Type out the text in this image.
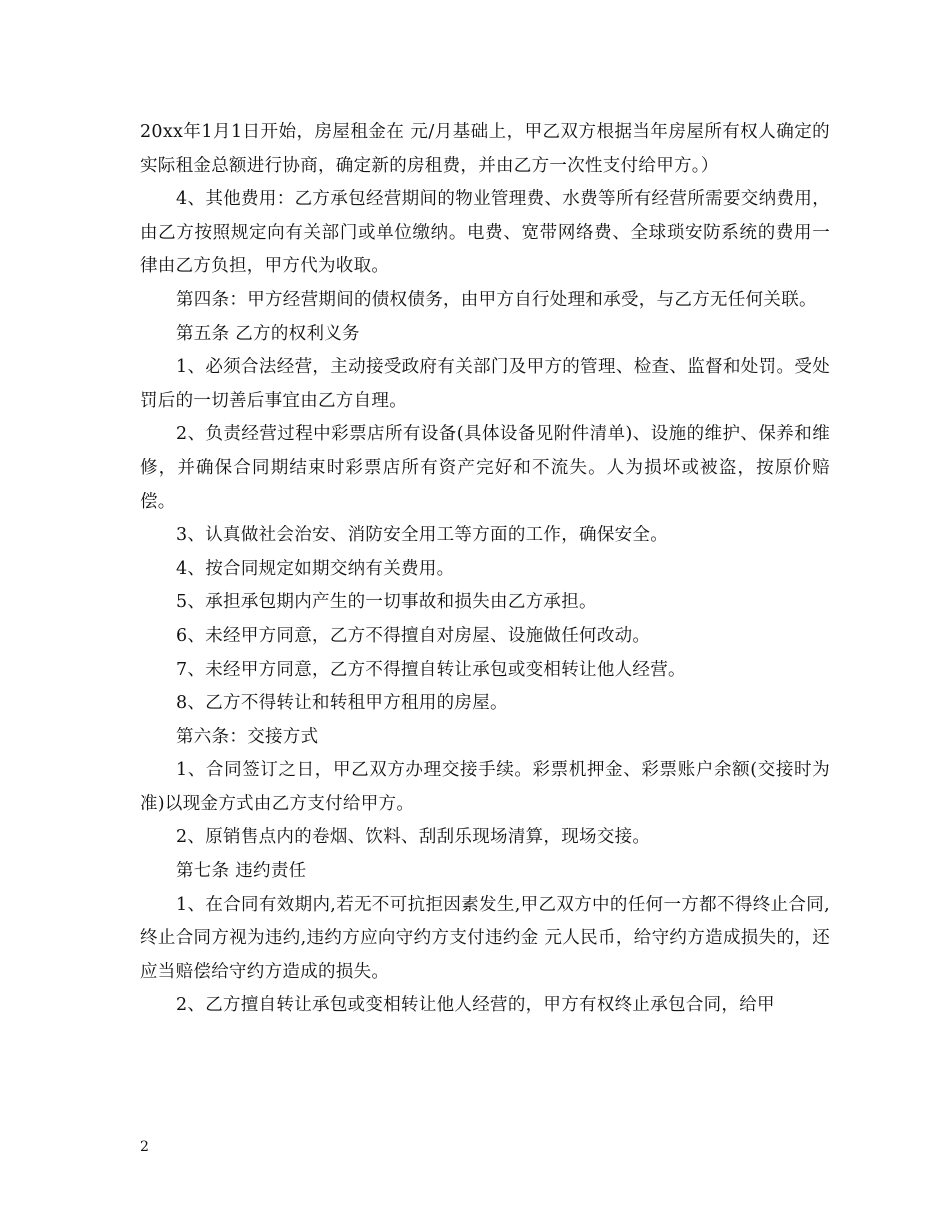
20xx年1月1日开始，房屋租金在 元/月基础上，甲乙双方根据当年房屋所有权人确定的实际租金总额进行协商，确定新的房租费，并由乙方一次性支付给甲方。）

4、其他费用：乙方承包经营期间的物业管理费、水费等所有经营所需要交纳费用，由乙方按照规定向有关部门或单位缴纳。电费、宽带网络费、全球琐安防系统的费用一律由乙方负担，甲方代为收取。

第四条：甲方经营期间的债权债务，由甲方自行处理和承受，与乙方无任何关联。

第五条 乙方的权利义务

1、必须合法经营，主动接受政府有关部门及甲方的管理、检查、监督和处罚。受处罚后的一切善后事宜由乙方自理。

2、负责经营过程中彩票店所有设备(具体设备见附件清单)、设施的维护、保养和维修，并确保合同期结束时彩票店所有资产完好和不流失。人为损坏或被盗，按原价赔偿。

3、认真做社会治安、消防安全用工等方面的工作，确保安全。

4、按合同规定如期交纳有关费用。

5、承担承包期内产生的一切事故和损失由乙方承担。

6、未经甲方同意，乙方不得擅自对房屋、设施做任何改动。

7、未经甲方同意，乙方不得擅自转让承包或变相转让他人经营。

8、乙方不得转让和转租甲方租用的房屋。

第六条：交接方式

1、合同签订之日，甲乙双方办理交接手续。彩票机押金、彩票账户余额(交接时为准)以现金方式由乙方支付给甲方。

2、原销售点内的卷烟、饮料、刮刮乐现场清算，现场交接。

第七条 违约责任

1、在合同有效期内,若无不可抗拒因素发生,甲乙双方中的任何一方都不得终止合同,终止合同方视为违约,违约方应向守约方支付违约金 元人民币，给守约方造成损失的，还应当赔偿给守约方造成的损失。

2、乙方擅自转让承包或变相转让他人经营的，甲方有权终止承包合同，给甲

2
